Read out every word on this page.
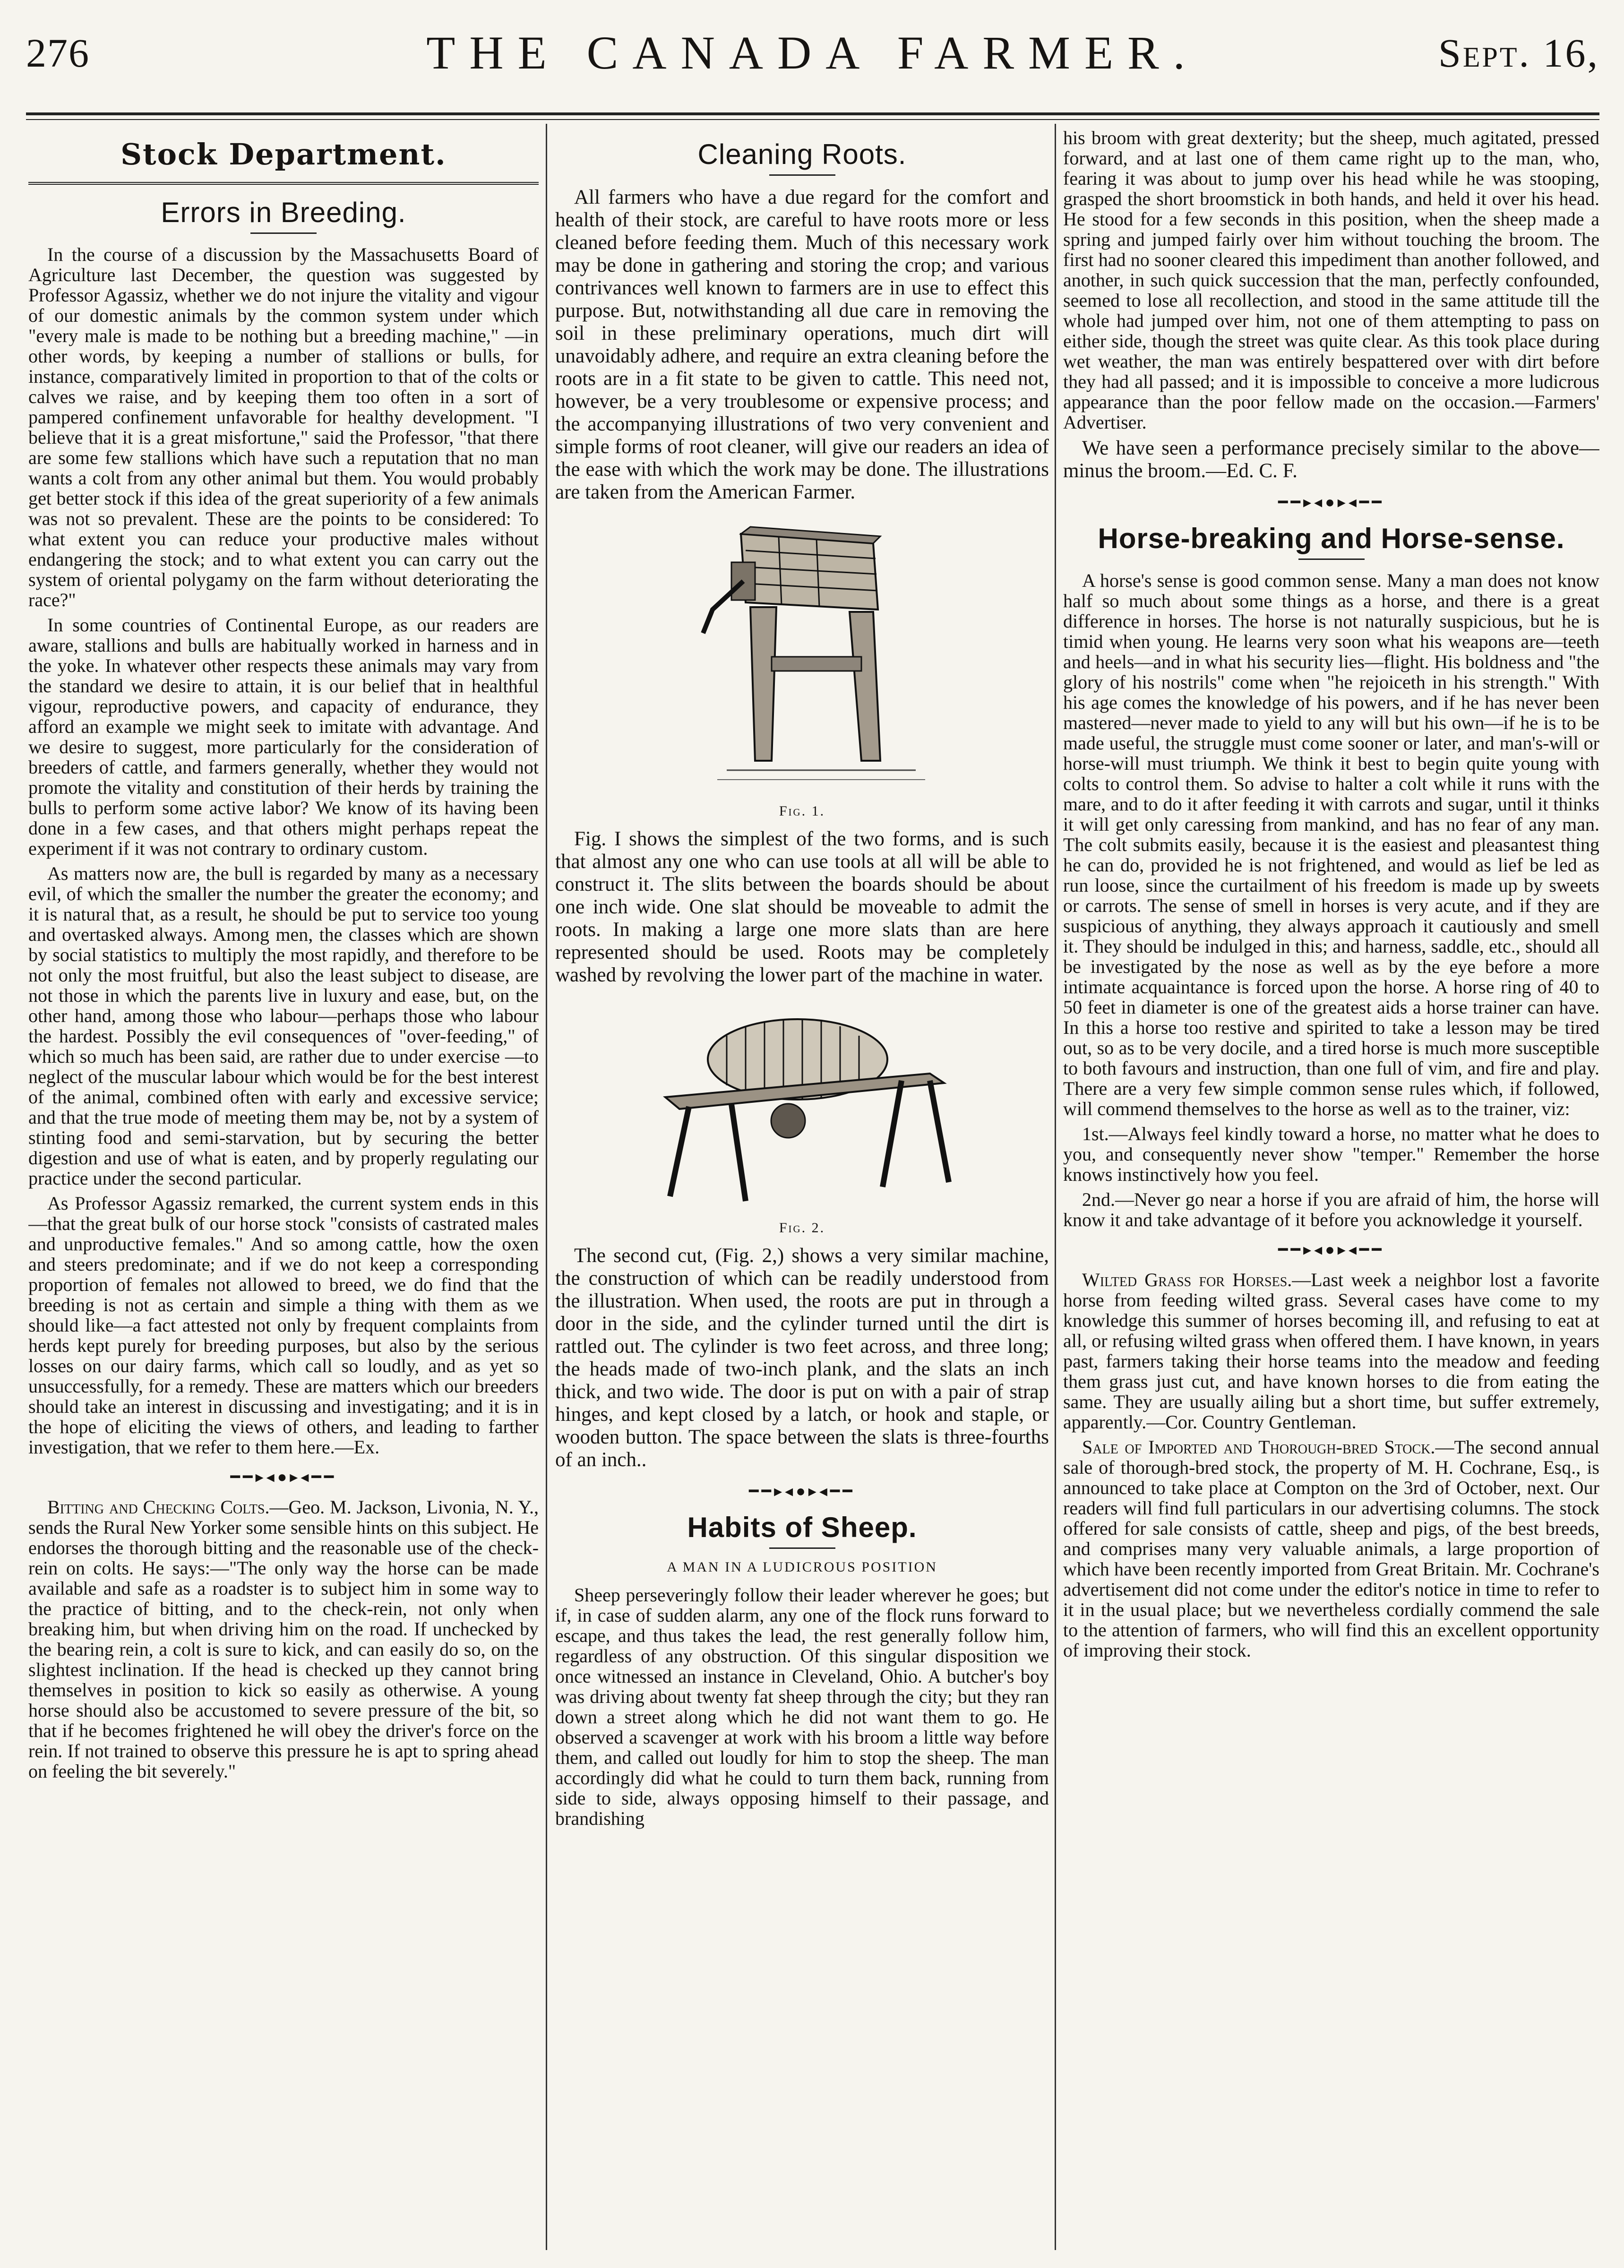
276	THE CANADA FARMER.	Sept. 16,
Stock Department.
Errors in Breeding.

In the course of a discussion by the Massachusetts Board of Agriculture last December, the question was suggested by Professor Agassiz, whether we do not injure the vitality and vigour of our domestic animals by the common system under which "every male is made to be nothing but a breeding machine," —in other words, by keeping a number of stallions or bulls, for instance, comparatively limited in proportion to that of the colts or calves we raise, and by keeping them too often in a sort of pampered confinement unfavorable for healthy development. "I believe that it is a great misfortune," said the Professor, "that there are some few stallions which have such a reputation that no man wants a colt from any other animal but them. You would probably get better stock if this idea of the great superiority of a few animals was not so prevalent. These are the points to be considered: To what extent you can reduce your productive males without endangering the stock; and to what extent you can carry out the system of oriental polygamy on the farm without deteriorating the race?"

In some countries of Continental Europe, as our readers are aware, stallions and bulls are habitually worked in harness and in the yoke. In whatever other respects these animals may vary from the standard we desire to attain, it is our belief that in healthful vigour, reproductive powers, and capacity of endurance, they afford an example we might seek to imitate with advantage. And we desire to suggest, more particularly for the consideration of breeders of cattle, and farmers generally, whether they would not promote the vitality and constitution of their herds by training the bulls to perform some active labor? We know of its having been done in a few cases, and that others might perhaps repeat the experiment if it was not contrary to ordinary custom.

As matters now are, the bull is regarded by many as a necessary evil, of which the smaller the number the greater the economy; and it is natural that, as a result, he should be put to service too young and overtasked always. Among men, the classes which are shown by social statistics to multiply the most rapidly, and therefore to be not only the most fruitful, but also the least subject to disease, are not those in which the parents live in luxury and ease, but, on the other hand, among those who labour—perhaps those who labour the hardest. Possibly the evil consequences of "over-feeding," of which so much has been said, are rather due to under exercise —to neglect of the muscular labour which would be for the best interest of the animal, combined often with early and excessive service; and that the true mode of meeting them may be, not by a system of stinting food and semi-starvation, but by securing the better digestion and use of what is eaten, and by properly regulating our practice under the second particular.

As Professor Agassiz remarked, the current system ends in this—that the great bulk of our horse stock "consists of castrated males and unproductive females." And so among cattle, how the oxen and steers predominate; and if we do not keep a corresponding proportion of females not allowed to breed, we do find that the breeding is not as certain and simple a thing with them as we should like—a fact attested not only by frequent complaints from herds kept purely for breeding purposes, but also by the serious losses on our dairy farms, which call so loudly, and as yet so unsuccessfully, for a remedy. These are matters which our breeders should take an interest in discussing and investigating; and it is in the hope of eliciting the views of others, and leading to farther investigation, that we refer to them here.—Ex.

━━▸◂●▸◂━━

Bitting and Checking Colts.—Geo. M. Jackson, Livonia, N. Y., sends the Rural New Yorker some sensible hints on this subject. He endorses the thorough bitting and the reasonable use of the check-rein on colts. He says:—"The only way the horse can be made available and safe as a roadster is to subject him in some way to the practice of bitting, and to the check-rein, not only when breaking him, but when driving him on the road. If unchecked by the bearing rein, a colt is sure to kick, and can easily do so, on the slightest inclination. If the head is checked up they cannot bring themselves in position to kick so easily as otherwise. A young horse should also be accustomed to severe pressure of the bit, so that if he becomes frightened he will obey the driver's force on the rein. If not trained to observe this pressure he is apt to spring ahead on feeling the bit severely."

Cleaning Roots.

All farmers who have a due regard for the comfort and health of their stock, are careful to have roots more or less cleaned before feeding them. Much of this necessary work may be done in gathering and storing the crop; and various contrivances well known to farmers are in use to effect this purpose. But, notwithstanding all due care in removing the soil in these preliminary operations, much dirt will unavoidably adhere, and require an extra cleaning before the roots are in a fit state to be given to cattle. This need not, however, be a very troublesome or expensive process; and the accompanying illustrations of two very convenient and simple forms of root cleaner, will give our readers an idea of the ease with which the work may be done. The illustrations are taken from the American Farmer.

Fig. 1.

Fig. I shows the simplest of the two forms, and is such that almost any one who can use tools at all will be able to construct it. The slits between the boards should be about one inch wide. One slat should be moveable to admit the roots. In making a large one more slats than are here represented should be used. Roots may be completely washed by revolving the lower part of the machine in water.

Fig. 2.

The second cut, (Fig. 2,) shows a very similar machine, the construction of which can be readily understood from the illustration. When used, the roots are put in through a door in the side, and the cylinder turned until the dirt is rattled out. The cylinder is two feet across, and three long; the heads made of two-inch plank, and the slats an inch thick, and two wide. The door is put on with a pair of strap hinges, and kept closed by a latch, or hook and staple, or wooden button. The space between the slats is three-fourths of an inch..

━━▸◂●▸◂━━
Habits of Sheep.
A MAN IN A LUDICROUS POSITION

Sheep perseveringly follow their leader wherever he goes; but if, in case of sudden alarm, any one of the flock runs forward to escape, and thus takes the lead, the rest generally follow him, regardless of any obstruction. Of this singular disposition we once witnessed an instance in Cleveland, Ohio. A butcher's boy was driving about twenty fat sheep through the city; but they ran down a street along which he did not want them to go. He observed a scavenger at work with his broom a little way before them, and called out loudly for him to stop the sheep. The man accordingly did what he could to turn them back, running from side to side, always opposing himself to their passage, and brandishing

his broom with great dexterity; but the sheep, much agitated, pressed forward, and at last one of them came right up to the man, who, fearing it was about to jump over his head while he was stooping, grasped the short broomstick in both hands, and held it over his head. He stood for a few seconds in this position, when the sheep made a spring and jumped fairly over him without touching the broom. The first had no sooner cleared this impediment than another followed, and another, in such quick succession that the man, perfectly confounded, seemed to lose all recollection, and stood in the same attitude till the whole had jumped over him, not one of them attempting to pass on either side, though the street was quite clear. As this took place during wet weather, the man was entirely bespattered over with dirt before they had all passed; and it is impossible to conceive a more ludicrous appearance than the poor fellow made on the occasion.—Farmers' Advertiser.

We have seen a performance precisely similar to the above—minus the broom.—Ed. C. F.

━━▸◂●▸◂━━
Horse-breaking and Horse-sense.

A horse's sense is good common sense. Many a man does not know half so much about some things as a horse, and there is a great difference in horses. The horse is not naturally suspicious, but he is timid when young. He learns very soon what his weapons are—teeth and heels—and in what his security lies—flight. His boldness and "the glory of his nostrils" come when "he rejoiceth in his strength." With his age comes the knowledge of his powers, and if he has never been mastered—never made to yield to any will but his own—if he is to be made useful, the struggle must come sooner or later, and man's-will or horse-will must triumph. We think it best to begin quite young with colts to control them. So advise to halter a colt while it runs with the mare, and to do it after feeding it with carrots and sugar, until it thinks it will get only caressing from mankind, and has no fear of any man. The colt submits easily, because it is the easiest and pleasantest thing he can do, provided he is not frightened, and would as lief be led as run loose, since the curtailment of his freedom is made up by sweets or carrots. The sense of smell in horses is very acute, and if they are suspicious of anything, they always approach it cautiously and smell it. They should be indulged in this; and harness, saddle, etc., should all be investigated by the nose as well as by the eye before a more intimate acquaintance is forced upon the horse. A horse ring of 40 to 50 feet in diameter is one of the greatest aids a horse trainer can have. In this a horse too restive and spirited to take a lesson may be tired out, so as to be very docile, and a tired horse is much more susceptible to both favours and instruction, than one full of vim, and fire and play. There are a very few simple common sense rules which, if followed, will commend themselves to the horse as well as to the trainer, viz:

1st.—Always feel kindly toward a horse, no matter what he does to you, and consequently never show "temper." Remember the horse knows instinctively how you feel.

2nd.—Never go near a horse if you are afraid of him, the horse will know it and take advantage of it before you acknowledge it yourself.

━━▸◂●▸◂━━

Wilted Grass for Horses.—Last week a neighbor lost a favorite horse from feeding wilted grass. Several cases have come to my knowledge this summer of horses becoming ill, and refusing to eat at all, or refusing wilted grass when offered them. I have known, in years past, farmers taking their horse teams into the meadow and feeding them grass just cut, and have known horses to die from eating the same. They are usually ailing but a short time, but suffer extremely, apparently.—Cor. Country Gentleman.

Sale of Imported and Thorough-bred Stock.—The second annual sale of thorough-bred stock, the property of M. H. Cochrane, Esq., is announced to take place at Compton on the 3rd of October, next. Our readers will find full particulars in our advertising columns. The stock offered for sale consists of cattle, sheep and pigs, of the best breeds, and comprises many very valuable animals, a large proportion of which have been recently imported from Great Britain. Mr. Cochrane's advertisement did not come under the editor's notice in time to refer to it in the usual place; but we nevertheless cordially commend the sale to the attention of farmers, who will find this an excellent opportunity of improving their stock.
